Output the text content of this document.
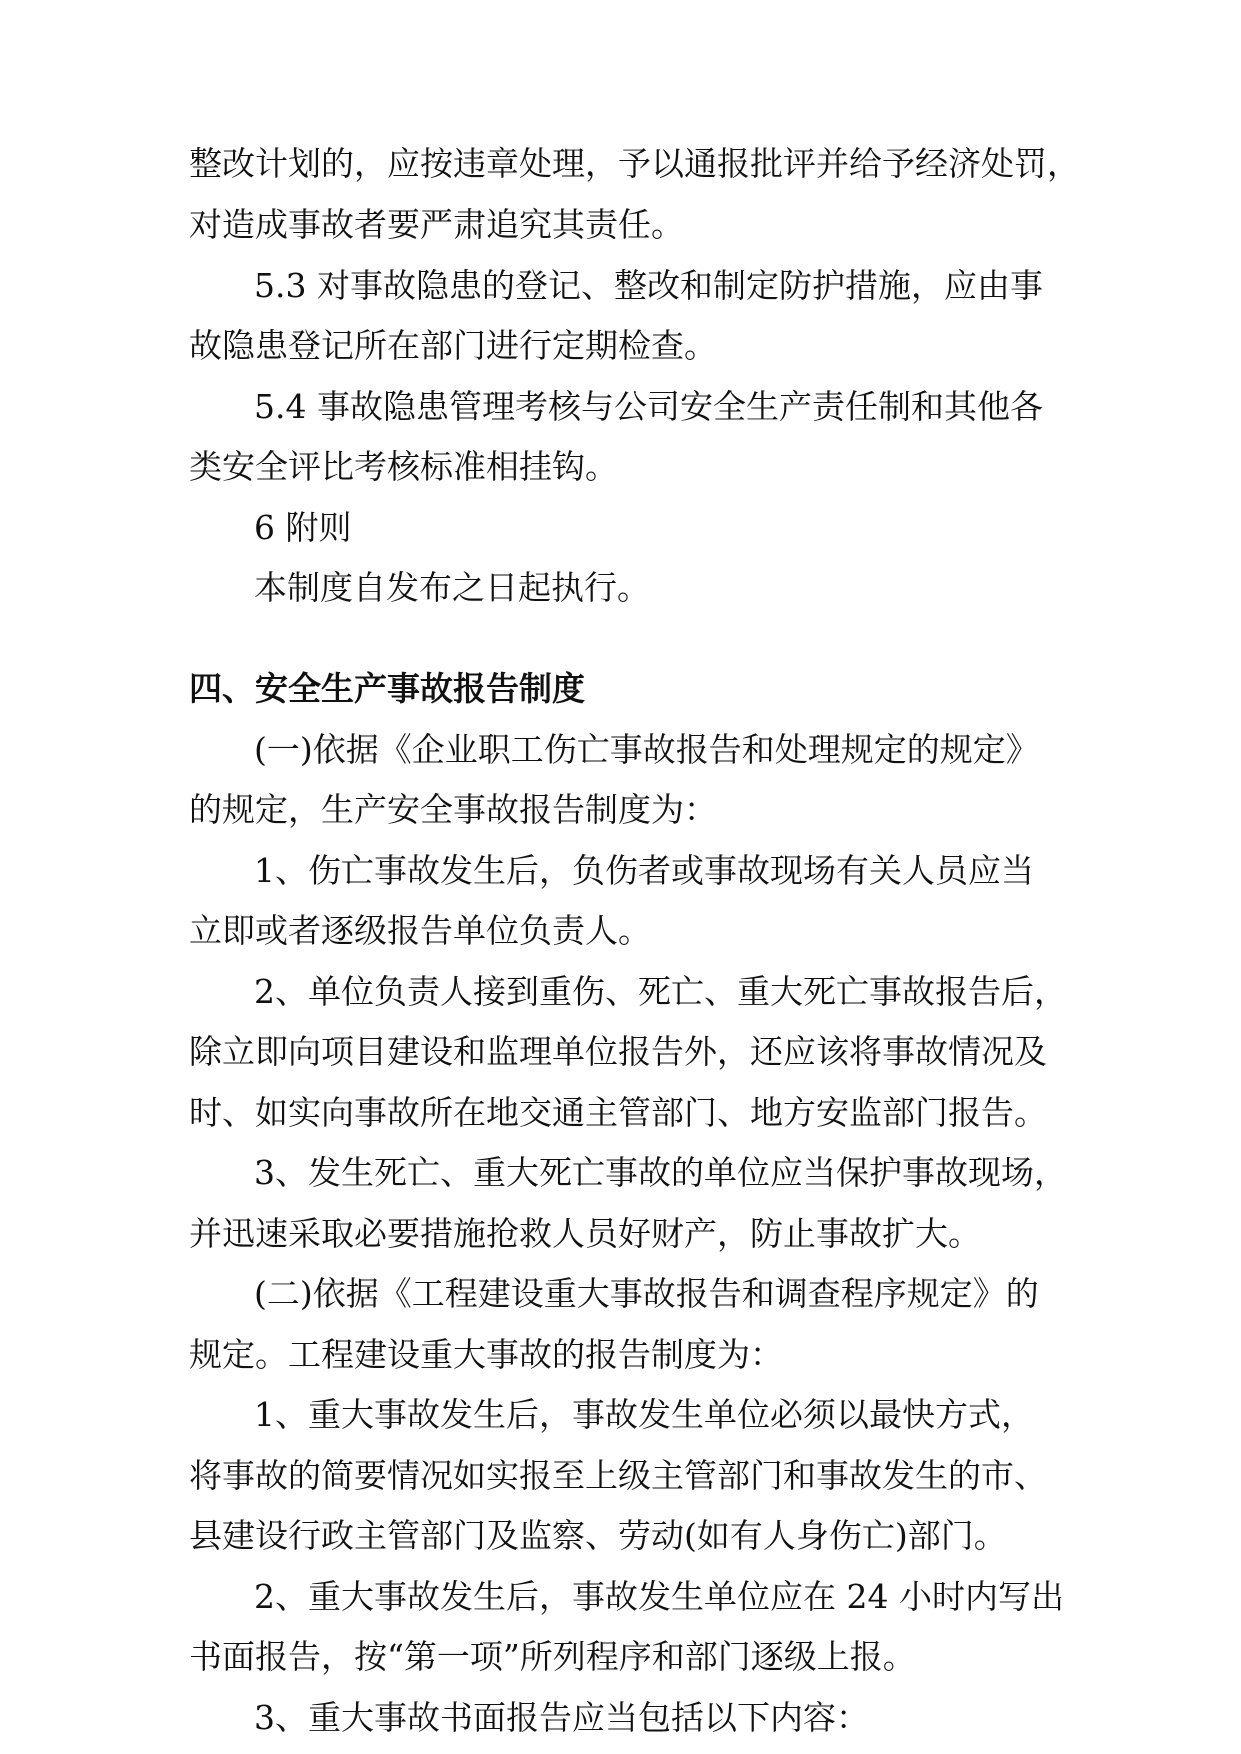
整改计划的，应按违章处理，予以通报批评并给予经济处罚，
对造成事故者要严肃追究其责任。
5.3 对事故隐患的登记、整改和制定防护措施，应由事
故隐患登记所在部门进行定期检查。
5.4 事故隐患管理考核与公司安全生产责任制和其他各
类安全评比考核标准相挂钩。
6 附则
本制度自发布之日起执行。
四、安全生产事故报告制度
(一)依据《企业职工伤亡事故报告和处理规定的规定》
的规定，生产安全事故报告制度为：
1、伤亡事故发生后，负伤者或事故现场有关人员应当
立即或者逐级报告单位负责人。
2、单位负责人接到重伤、死亡、重大死亡事故报告后，
除立即向项目建设和监理单位报告外，还应该将事故情况及
时、如实向事故所在地交通主管部门、地方安监部门报告。
3、发生死亡、重大死亡事故的单位应当保护事故现场，
并迅速采取必要措施抢救人员好财产，防止事故扩大。
(二)依据《工程建设重大事故报告和调查程序规定》的
规定。工程建设重大事故的报告制度为：
1、重大事故发生后，事故发生单位必须以最快方式，
将事故的简要情况如实报至上级主管部门和事故发生的市、
县建设行政主管部门及监察、劳动(如有人身伤亡)部门。
2、重大事故发生后，事故发生单位应在 24 小时内写出
书面报告，按“第一项”所列程序和部门逐级上报。
3、重大事故书面报告应当包括以下内容：
